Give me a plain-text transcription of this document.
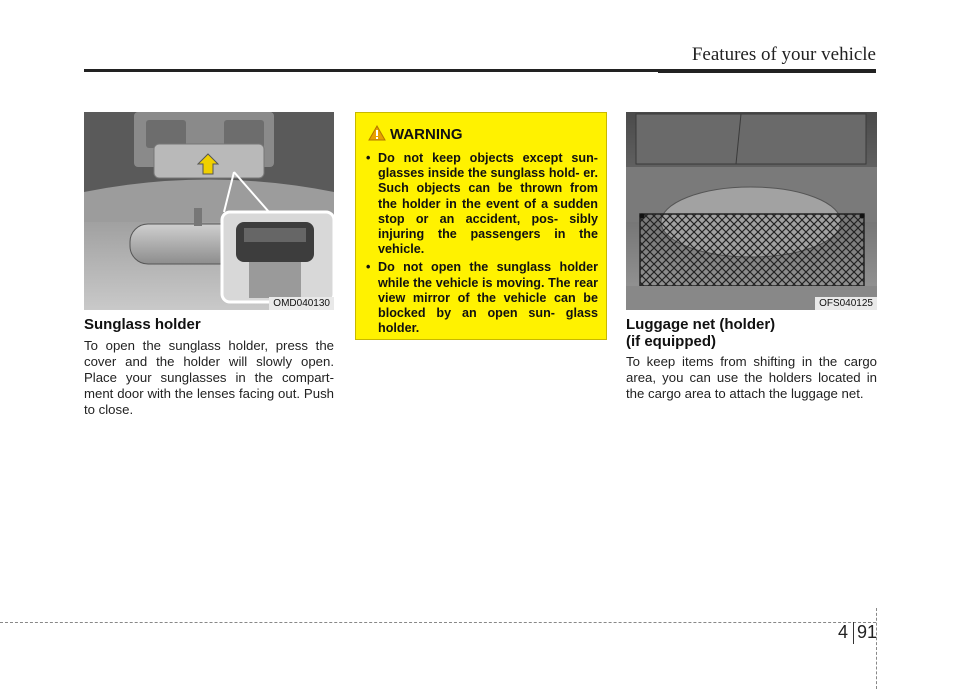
Features of your vehicle
OMD040130
Sunglass holder
To open the sunglass holder, press the cover and the holder will slowly open. Place your sunglasses in the compart- ment door with the lenses facing out. Push to close.
WARNING
• Do not keep objects except sun- glasses inside the sunglass hold- er. Such objects can be thrown from the holder in the event of a sudden stop or an accident, pos- sibly injuring the passengers in the vehicle.
• Do not open the sunglass holder while the vehicle is moving. The rear view mirror of the vehicle can be blocked by an open sun- glass holder.
OFS040125
Luggage net (holder)
(if equipped)
To keep items from shifting in the cargo area, you can use the holders located in the cargo area to attach the luggage net.
4 91
